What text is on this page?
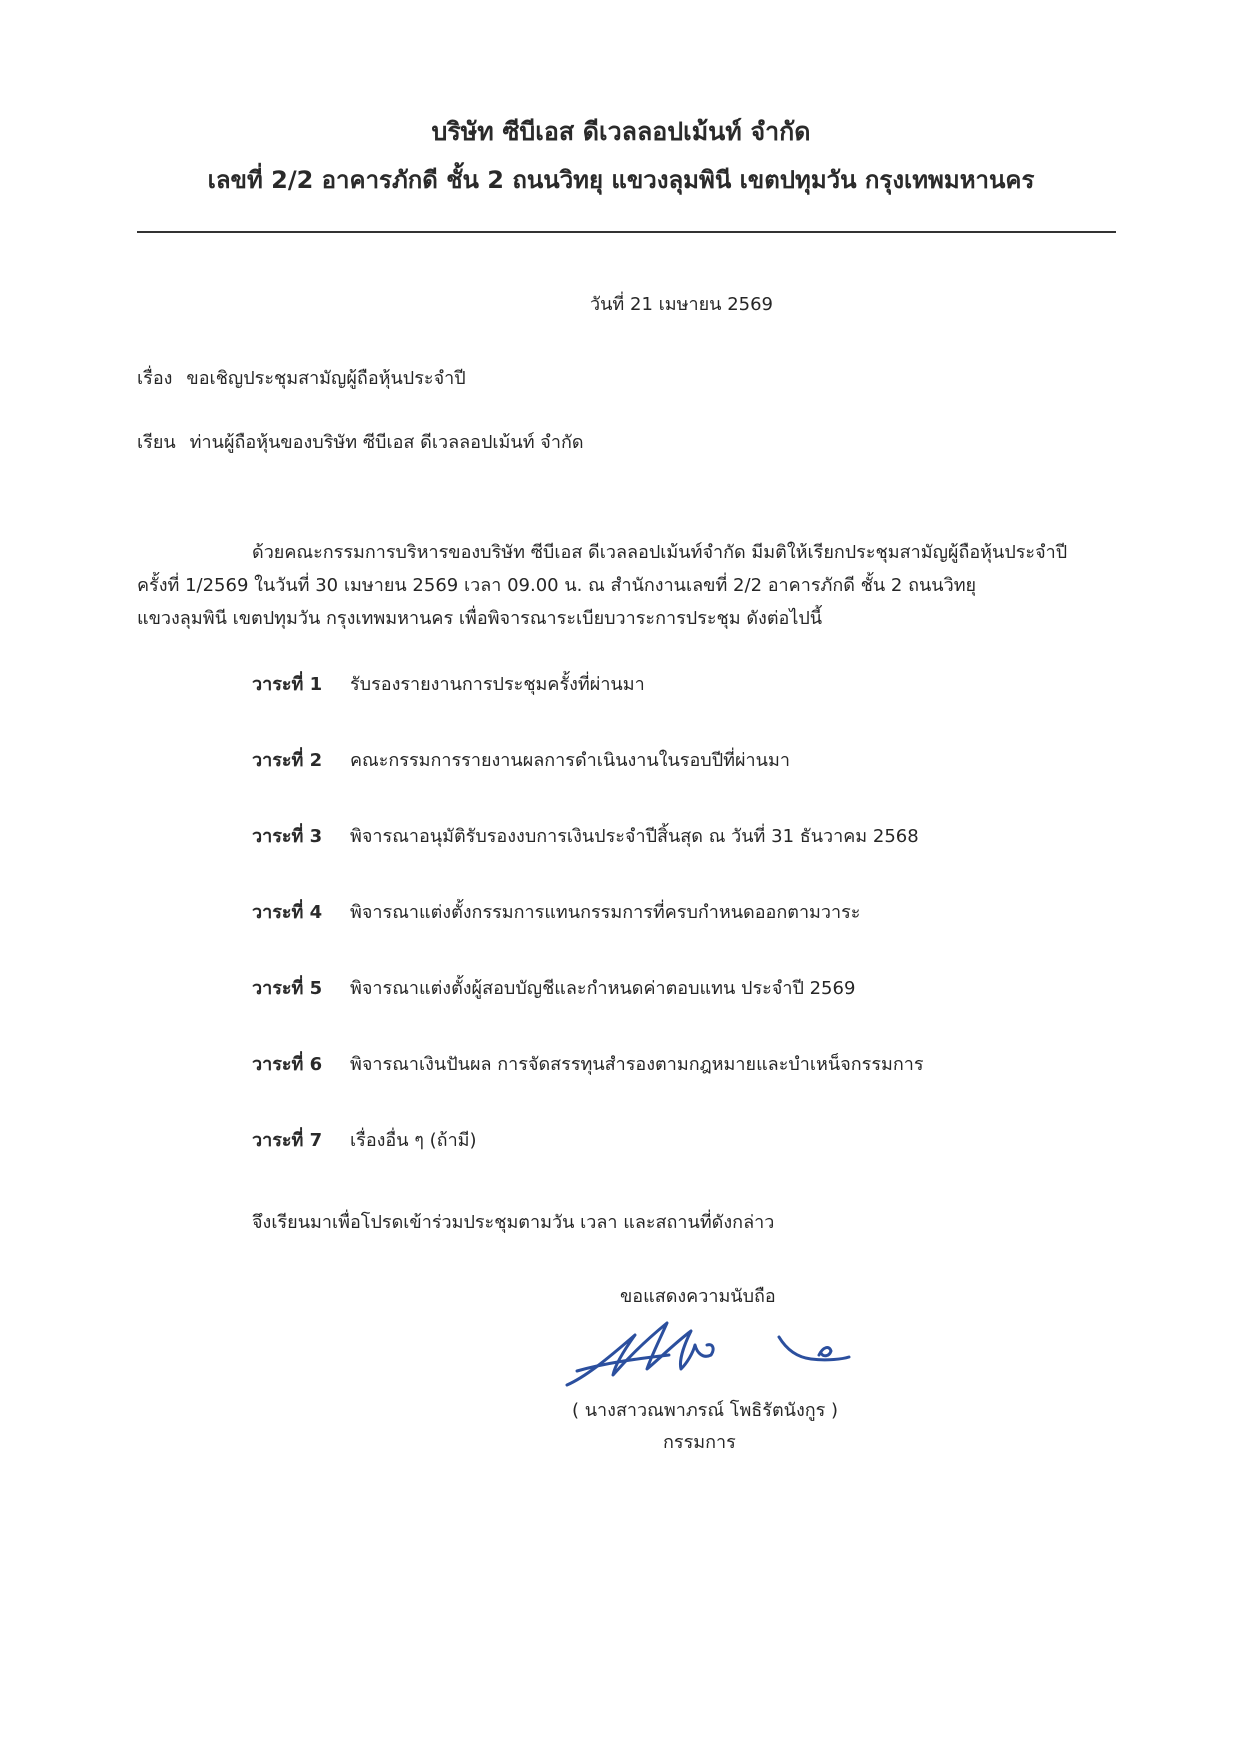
บริษัท ซีบีเอส ดีเวลลอปเม้นท์ จำกัด
เลขที่ 2/2 อาคารภักดี ชั้น 2 ถนนวิทยุ แขวงลุมพินี เขตปทุมวัน กรุงเทพมหานคร
วันที่ 21 เมษายน 2569
เรื่อง ขอเชิญประชุมสามัญผู้ถือหุ้นประจำปี
เรียน ท่านผู้ถือหุ้นของบริษัท ซีบีเอส ดีเวลลอปเม้นท์ จำกัด
ด้วยคณะกรรมการบริหารของบริษัท ซีบีเอส ดีเวลลอปเม้นท์จำกัด มีมติให้เรียกประชุมสามัญผู้ถือหุ้นประจำปี
ครั้งที่ 1/2569 ในวันที่ 30 เมษายน 2569 เวลา 09.00 น. ณ สำนักงานเลขที่ 2/2 อาคารภักดี ชั้น 2 ถนนวิทยุ
แขวงลุมพินี เขตปทุมวัน กรุงเทพมหานคร เพื่อพิจารณาระเบียบวาระการประชุม ดังต่อไปนี้
วาระที่ 1 รับรองรายงานการประชุมครั้งที่ผ่านมา
วาระที่ 2 คณะกรรมการรายงานผลการดำเนินงานในรอบปีที่ผ่านมา
วาระที่ 3 พิจารณาอนุมัติรับรองงบการเงินประจำปีสิ้นสุด ณ วันที่ 31 ธันวาคม 2568
วาระที่ 4 พิจารณาแต่งตั้งกรรมการแทนกรรมการที่ครบกำหนดออกตามวาระ
วาระที่ 5 พิจารณาแต่งตั้งผู้สอบบัญชีและกำหนดค่าตอบแทน ประจำปี 2569
วาระที่ 6 พิจารณาเงินปันผล การจัดสรรทุนสำรองตามกฎหมายและบำเหน็จกรรมการ
วาระที่ 7 เรื่องอื่น ๆ (ถ้ามี)
จึงเรียนมาเพื่อโปรดเข้าร่วมประชุมตามวัน เวลา และสถานที่ดังกล่าว
ขอแสดงความนับถือ
( นางสาวณพาภรณ์ โพธิรัตนังกูร )
กรรมการ
